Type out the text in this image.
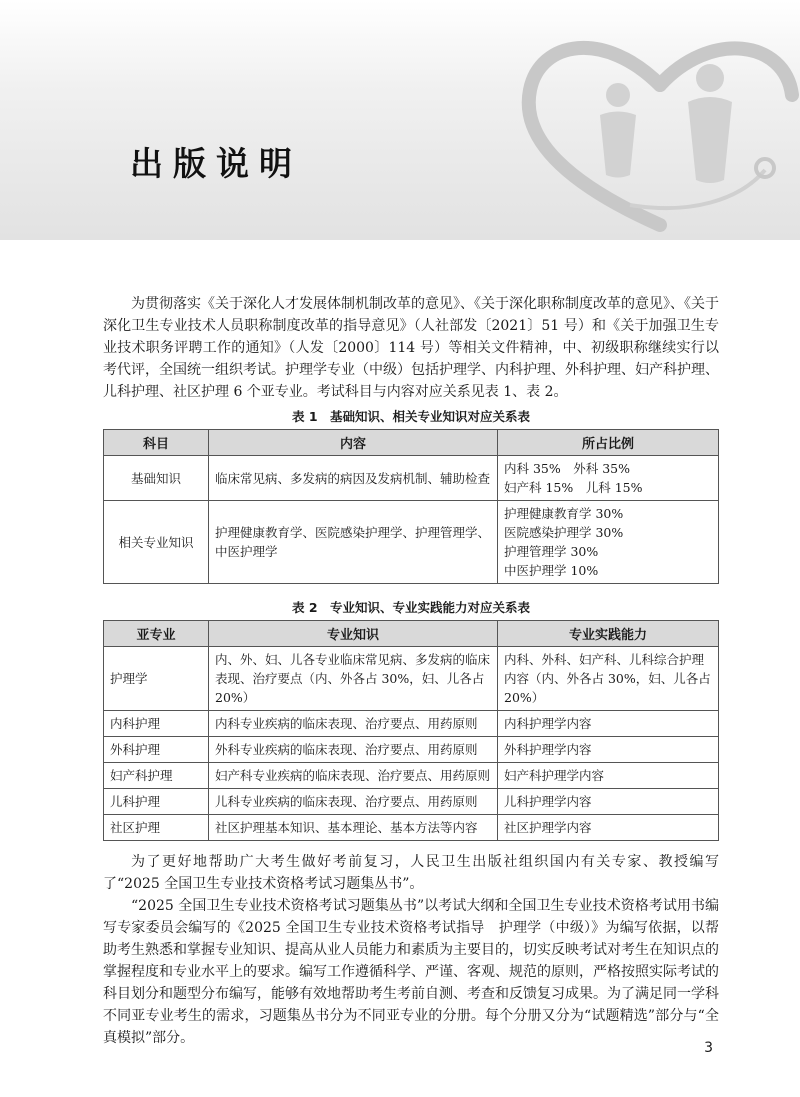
出版说明

为贯彻落实《关于深化人才发展体制机制改革的意见》、《关于深化职称制度改革的意见》、《关于深化卫生专业技术人员职称制度改革的指导意见》（人社部发〔2021〕51 号）和《关于加强卫生专业技术职务评聘工作的通知》（人发〔2000〕114 号）等相关文件精神，中、初级职称继续实行以考代评，全国统一组织考试。护理学专业（中级）包括护理学、内科护理、外科护理、妇产科护理、儿科护理、社区护理 6 个亚专业。考试科目与内容对应关系见表 1、表 2。

表 1　基础知识、相关专业知识对应关系表
科目	内容	所占比例
基础知识	临床常见病、多发病的病因及发病机制、辅助检查	内科 35%　外科 35%
妇产科 15%　儿科 15%

相关专业知识	护理健康教育学、医院感染护理学、护理管理学、中医护理学	护理健康教育学 30%
医院感染护理学 30%
护理管理学 30%
中医护理学 10%
表 2　专业知识、专业实践能力对应关系表
亚专业	专业知识	专业实践能力
护理学	内、外、妇、儿各专业临床常见病、多发病的临床表现、治疗要点（内、外各占 30%，妇、儿各占 20%）	内科、外科、妇产科、儿科综合护理内容（内、外各占 30%，妇、儿各占 20%）
内科护理	内科专业疾病的临床表现、治疗要点、用药原则	内科护理学内容
外科护理	外科专业疾病的临床表现、治疗要点、用药原则	外科护理学内容
妇产科护理	妇产科专业疾病的临床表现、治疗要点、用药原则	妇产科护理学内容
儿科护理	儿科专业疾病的临床表现、治疗要点、用药原则	儿科护理学内容
社区护理	社区护理基本知识、基本理论、基本方法等内容	社区护理学内容

为了更好地帮助广大考生做好考前复习，人民卫生出版社组织国内有关专家、教授编写了“2025 全国卫生专业技术资格考试习题集丛书”。

“2025 全国卫生专业技术资格考试习题集丛书”以考试大纲和全国卫生专业技术资格考试用书编写专家委员会编写的《2025 全国卫生专业技术资格考试指导　护理学（中级）》为编写依据，以帮助考生熟悉和掌握专业知识、提高从业人员能力和素质为主要目的，切实反映考试对考生在知识点的掌握程度和专业水平上的要求。编写工作遵循科学、严谨、客观、规范的原则，严格按照实际考试的科目划分和题型分布编写，能够有效地帮助考生考前自测、考查和反馈复习成果。为了满足同一学科不同亚专业考生的需求，习题集丛书分为不同亚专业的分册。每个分册又分为“试题精选”部分与“全真模拟”部分。

3
